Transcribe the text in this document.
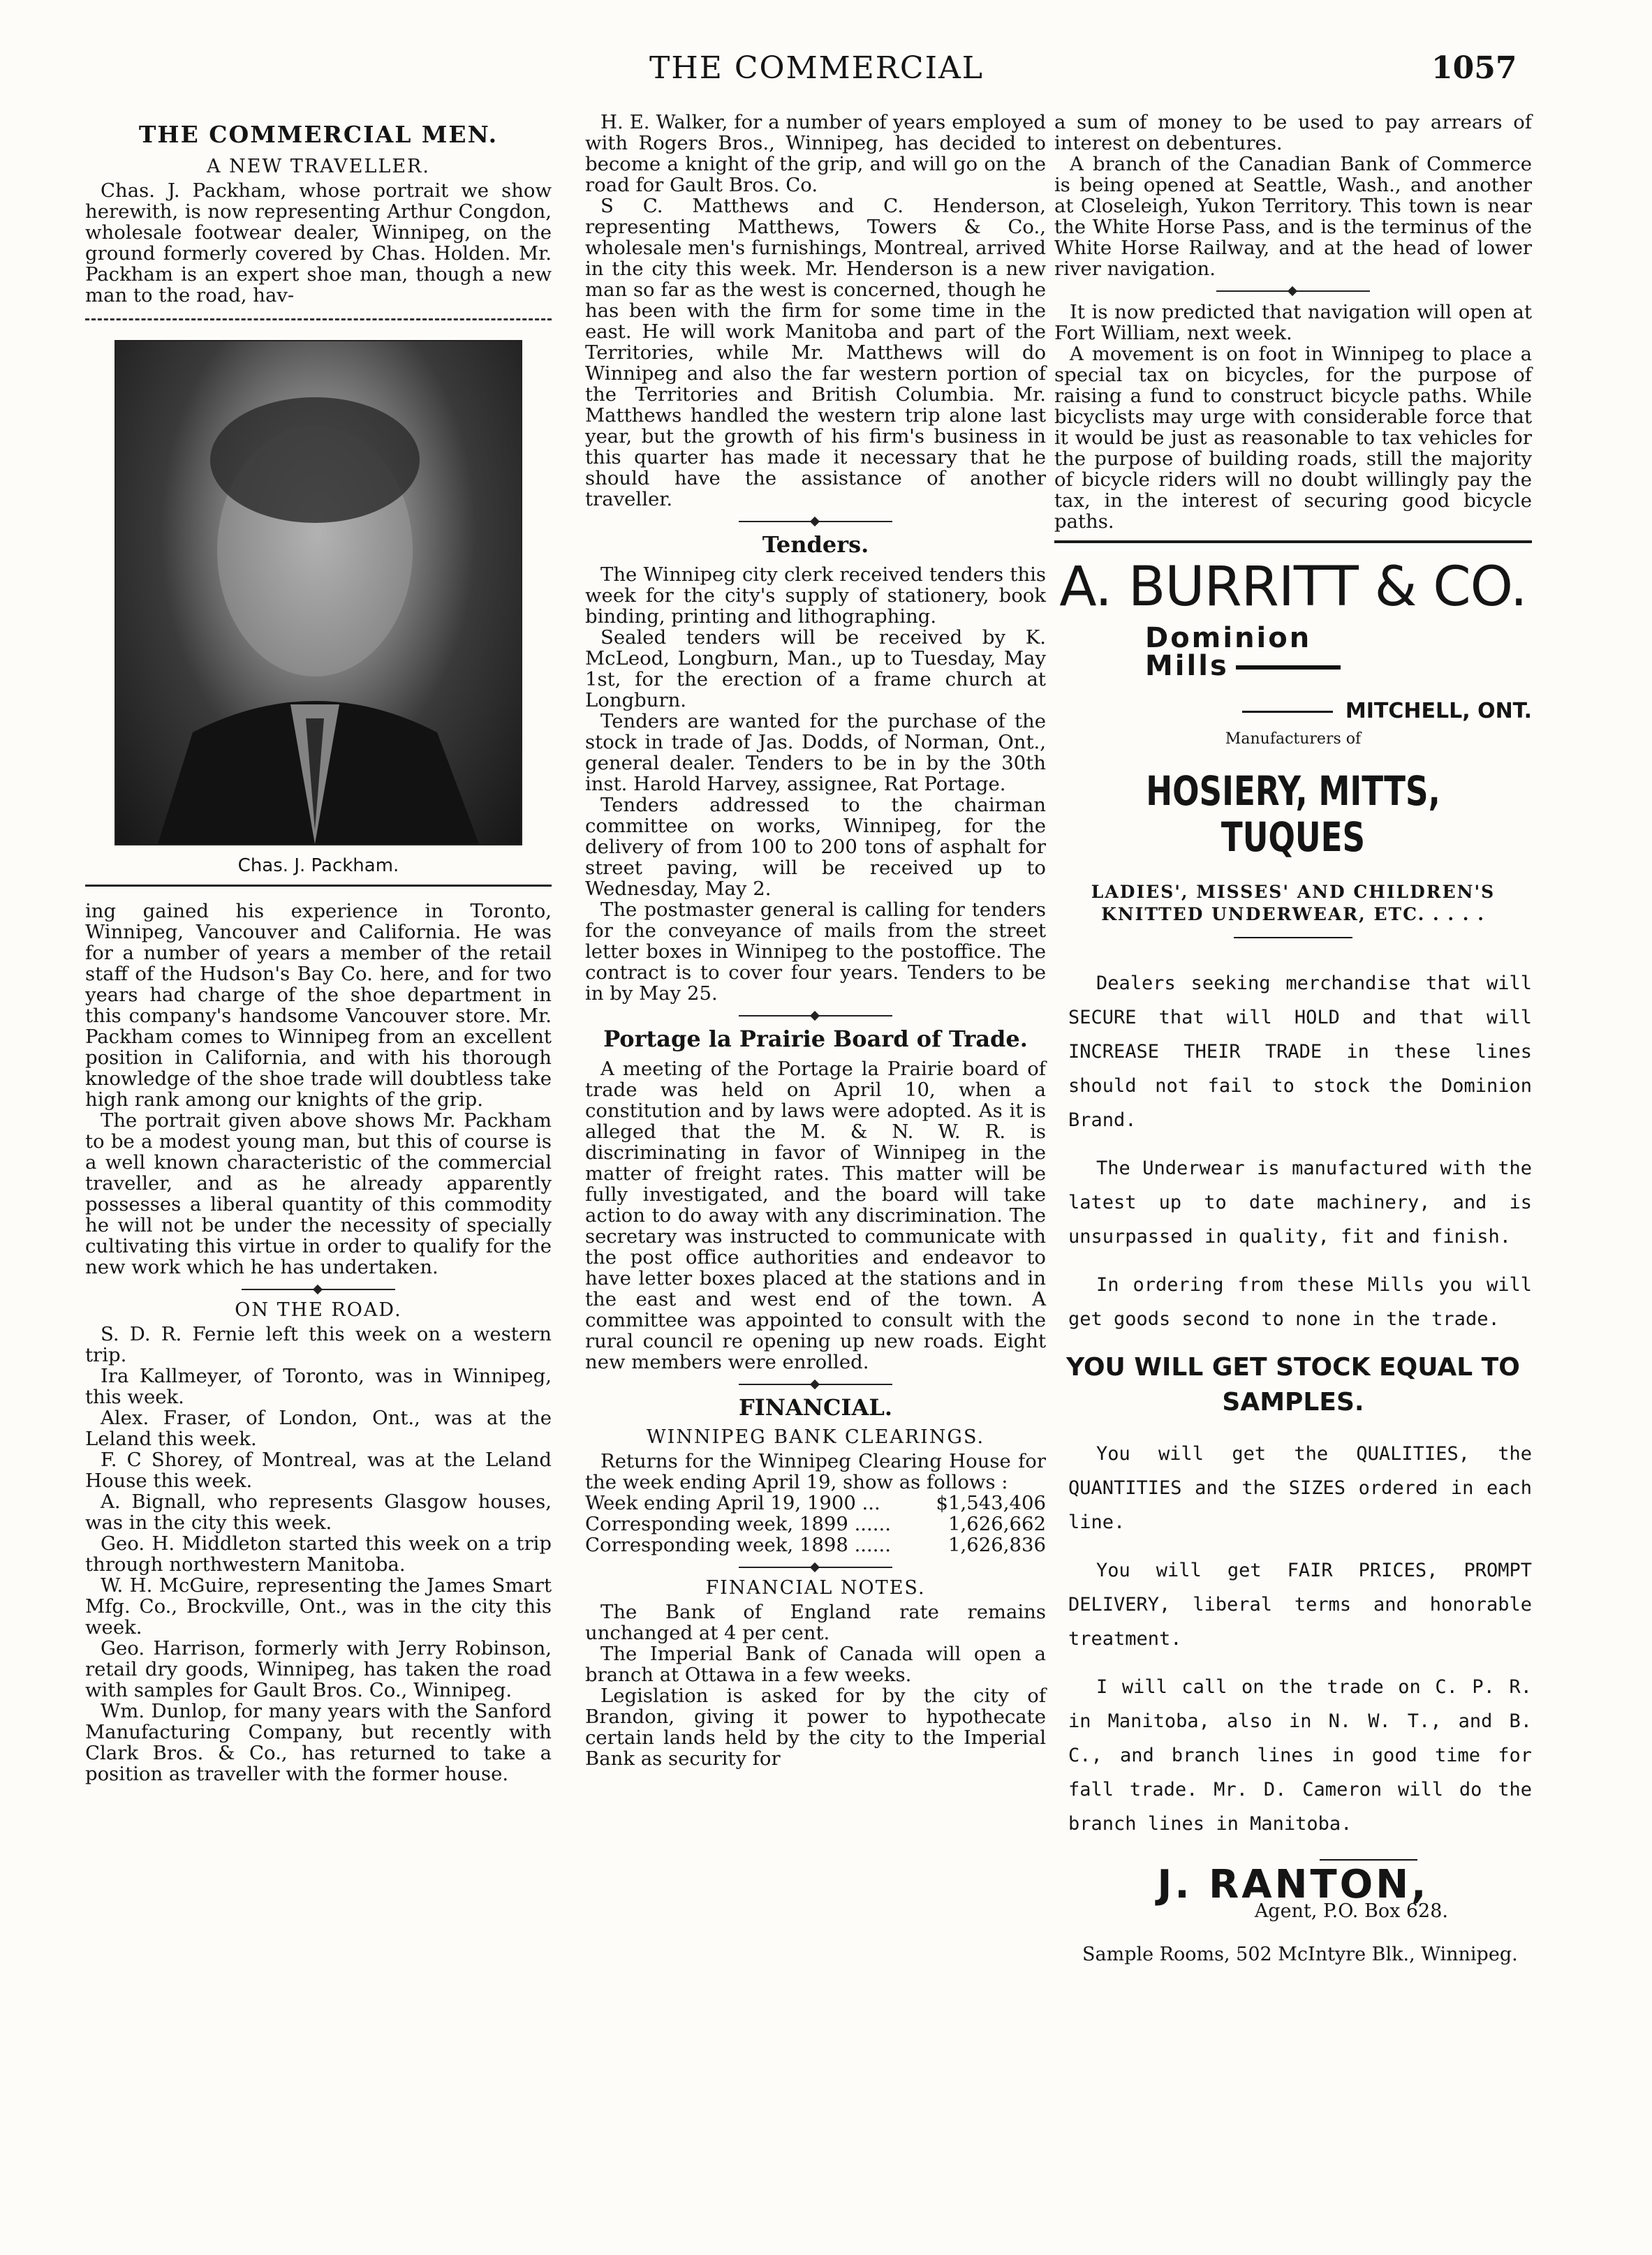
THE COMMERCIAL	1057
THE COMMERCIAL MEN.
A NEW TRAVELLER.

Chas. J. Packham, whose portrait we show herewith, is now representing Arthur Congdon, wholesale footwear dealer, Winnipeg, on the ground formerly covered by Chas. Holden. Mr. Packham is an expert shoe man, though a new man to the road, hav-

Chas. J. Packham.

ing gained his experience in Toronto, Winnipeg, Vancouver and California. He was for a number of years a member of the retail staff of the Hudson's Bay Co. here, and for two years had charge of the shoe department in this company's handsome Vancouver store. Mr. Packham comes to Winnipeg from an excellent position in California, and with his thorough knowledge of the shoe trade will doubtless take high rank among our knights of the grip.

The portrait given above shows Mr. Packham to be a modest young man, but this of course is a well known characteristic of the commercial traveller, and as he already apparently possesses a liberal quantity of this commodity he will not be under the necessity of specially cultivating this virtue in order to qualify for the new work which he has undertaken.

ON THE ROAD.

S. D. R. Fernie left this week on a western trip.

Ira Kallmeyer, of Toronto, was in Winnipeg, this week.

Alex. Fraser, of London, Ont., was at the Leland this week.

F. C Shorey, of Montreal, was at the Leland House this week.

A. Bignall, who represents Glasgow houses, was in the city this week.

Geo. H. Middleton started this week on a trip through northwestern Manitoba.

W. H. McGuire, representing the James Smart Mfg. Co., Brockville, Ont., was in the city this week.

Geo. Harrison, formerly with Jerry Robinson, retail dry goods, Winnipeg, has taken the road with samples for Gault Bros. Co., Winnipeg.

Wm. Dunlop, for many years with the Sanford Manufacturing Company, but recently with Clark Bros. & Co., has returned to take a position as traveller with the former house.

H. E. Walker, for a number of years employed with Rogers Bros., Winnipeg, has decided to become a knight of the grip, and will go on the road for Gault Bros. Co.

S C. Matthews and C. Henderson, representing Matthews, Towers & Co., wholesale men's furnishings, Montreal, arrived in the city this week. Mr. Henderson is a new man so far as the west is concerned, though he has been with the firm for some time in the east. He will work Manitoba and part of the Territories, while Mr. Matthews will do Winnipeg and also the far western portion of the Territories and British Columbia. Mr. Matthews handled the western trip alone last year, but the growth of his firm's business in this quarter has made it necessary that he should have the assistance of another traveller.

Tenders.

The Winnipeg city clerk received tenders this week for the city's supply of stationery, book binding, printing and lithographing.

Sealed tenders will be received by K. McLeod, Longburn, Man., up to Tuesday, May 1st, for the erection of a frame church at Longburn.

Tenders are wanted for the purchase of the stock in trade of Jas. Dodds, of Norman, Ont., general dealer. Tenders to be in by the 30th inst. Harold Harvey, assignee, Rat Portage.

Tenders addressed to the chairman committee on works, Winnipeg, for the delivery of from 100 to 200 tons of asphalt for street paving, will be received up to Wednesday, May 2.

The postmaster general is calling for tenders for the conveyance of mails from the street letter boxes in Winnipeg to the postoffice. The contract is to cover four years. Tenders to be in by May 25.

Portage la Prairie Board of Trade.

A meeting of the Portage la Prairie board of trade was held on April 10, when a constitution and by laws were adopted. As it is alleged that the M. & N. W. R. is discriminating in favor of Winnipeg in the matter of freight rates. This matter will be fully investigated, and the board will take action to do away with any discrimination. The secretary was instructed to communicate with the post office authorities and endeavor to have letter boxes placed at the stations and in the east and west end of the town. A committee was appointed to consult with the rural council re opening up new roads. Eight new members were enrolled.

FINANCIAL.
WINNIPEG BANK CLEARINGS.

Returns for the Winnipeg Clearing House for the week ending April 19, show as follows :

Week ending April 19, 1900 ...	$1,543,406
Corresponding week, 1899 ......	1,626,662
Corresponding week, 1898 ......	1,626,836
FINANCIAL NOTES.

The Bank of England rate remains unchanged at 4 per cent.

The Imperial Bank of Canada will open a branch at Ottawa in a few weeks.

Legislation is asked for by the city of Brandon, giving it power to hypothecate certain lands held by the city to the Imperial Bank as security for

a sum of money to be used to pay arrears of interest on debentures.

A branch of the Canadian Bank of Commerce is being opened at Seattle, Wash., and another at Closeleigh, Yukon Territory. This town is near the White Horse Pass, and is the terminus of the White Horse Railway, and at the head of lower river navigation.

It is now predicted that navigation will open at Fort William, next week.

A movement is on foot in Winnipeg to place a special tax on bicycles, for the purpose of raising a fund to construct bicycle paths. While bicyclists may urge with considerable force that it would be just as reasonable to tax vehicles for the purpose of building roads, still the majority of bicycle riders will no doubt willingly pay the tax, in the interest of securing good bicycle paths.

A. BURRITT & CO.
Dominion
Mills
MITCHELL, ONT.
Manufacturers of
HOSIERY, MITTS, TUQUES
LADIES', MISSES' AND CHILDREN'S
KNITTED UNDERWEAR, ETC. . . . .

Dealers seeking merchandise that will SECURE that will HOLD and that will INCREASE THEIR TRADE in these lines should not fail to stock the Dominion Brand.

The Underwear is manufactured with the latest up to date machinery, and is unsurpassed in quality, fit and finish.

In ordering from these Mills you will get goods second to none in the trade.

YOU WILL GET STOCK EQUAL TO SAMPLES.

You will get the QUALITIES, the QUANTITIES and the SIZES ordered in each line.

You will get FAIR PRICES, PROMPT DELIVERY, liberal terms and honorable treatment.

I will call on the trade on C. P. R. in Manitoba, also in N. W. T., and B. C., and branch lines in good time for fall trade. Mr. D. Cameron will do the branch lines in Manitoba.

J. RANTON,
Agent, P.O. Box 628.
Sample Rooms, 502 McIntyre Blk., Winnipeg.
